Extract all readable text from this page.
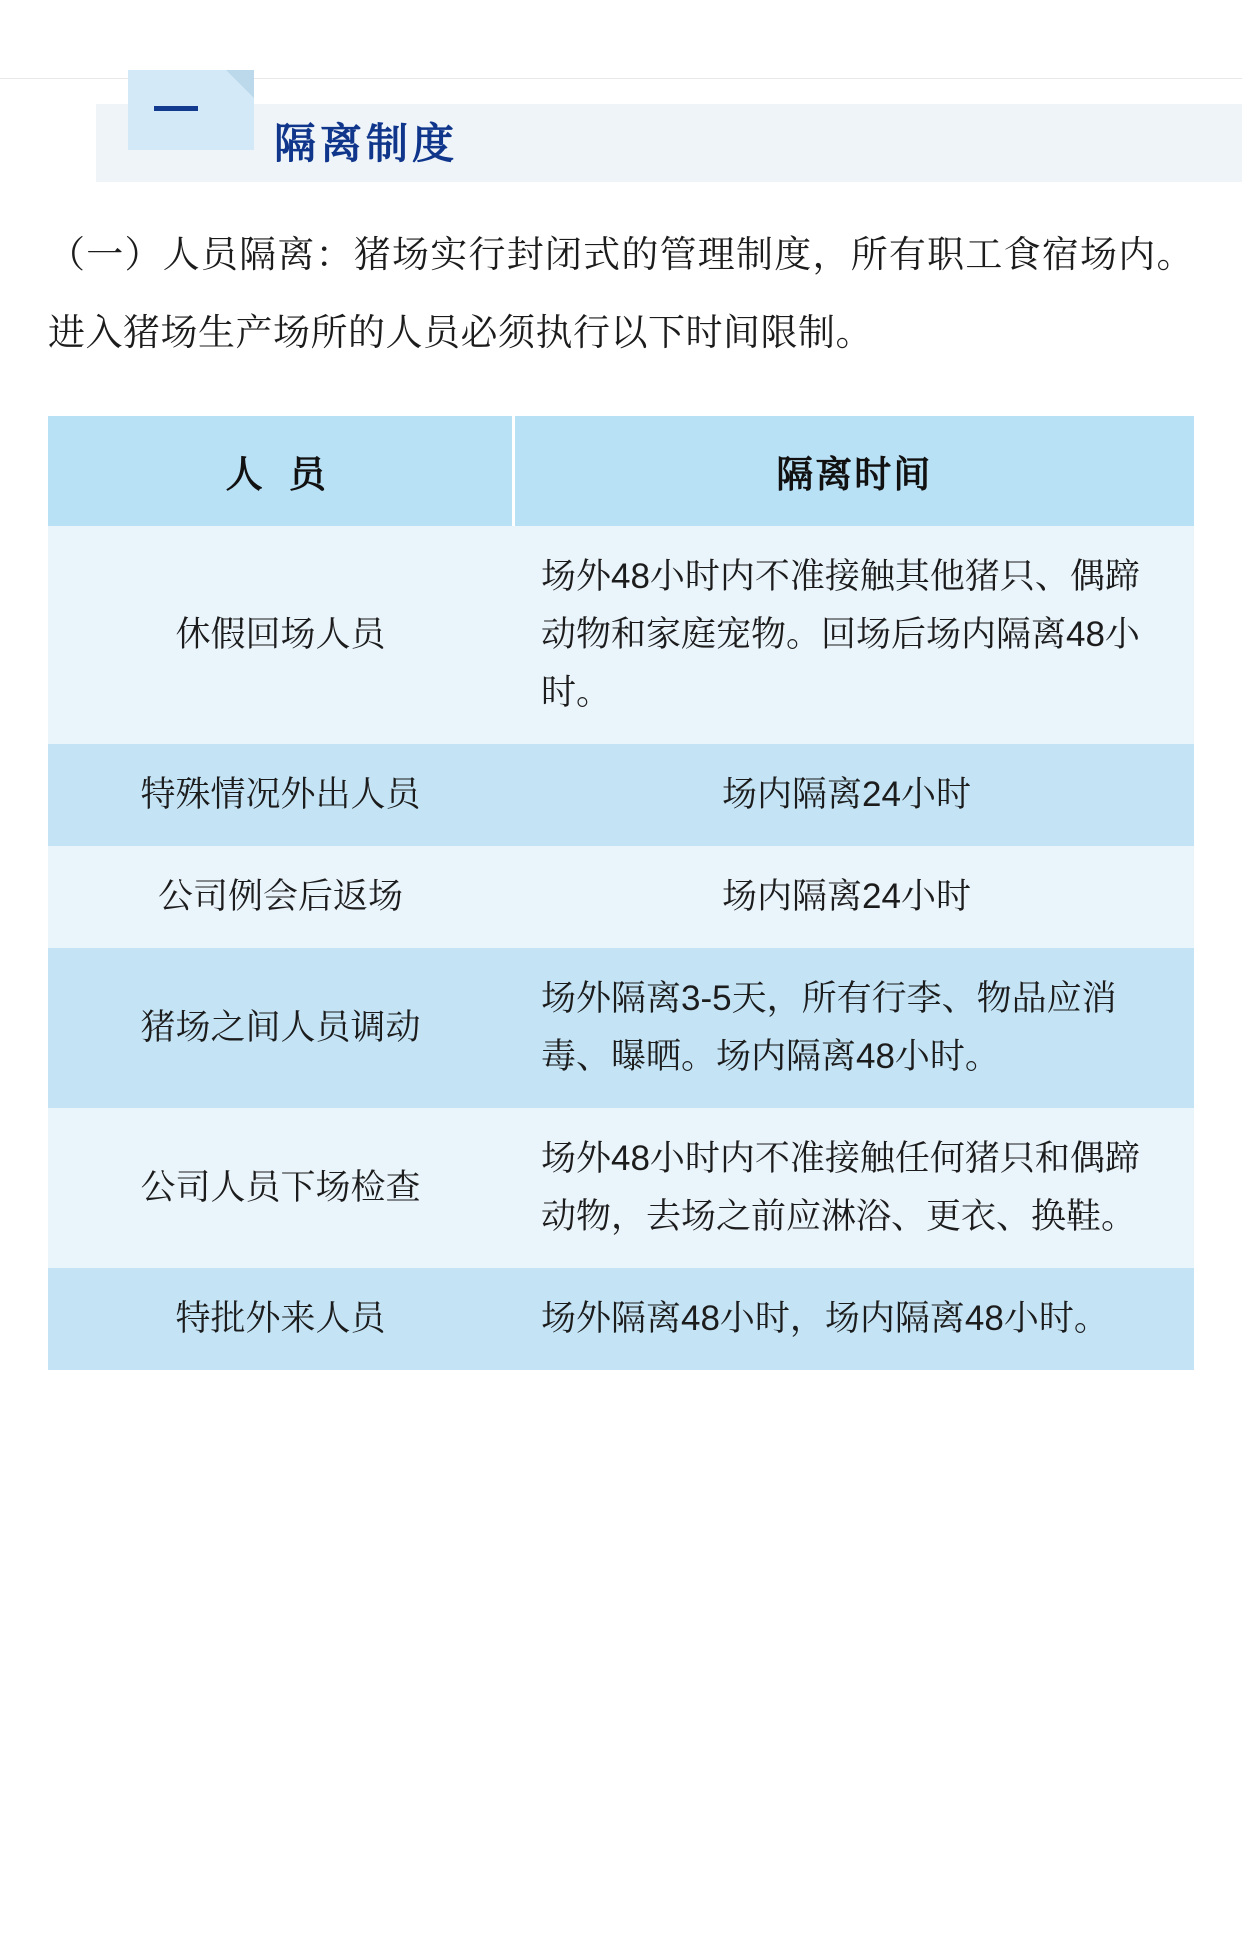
隔离制度

（一）人员隔离：猪场实行封闭式的管理制度，所有职工食宿场内。进入猪场生产场所的人员必须执行以下时间限制。

人 员	隔离时间
休假回场人员	场外48小时内不准接触其他猪只、偶蹄动物和家庭宠物。回场后场内隔离48小时。
特殊情况外出人员	场内隔离24小时
公司例会后返场	场内隔离24小时
猪场之间人员调动	场外隔离3-5天，所有行李、物品应消毒、曝晒。场内隔离48小时。
公司人员下场检查	场外48小时内不准接触任何猪只和偶蹄动物，去场之前应淋浴、更衣、换鞋。
特批外来人员	场外隔离48小时，场内隔离48小时。
